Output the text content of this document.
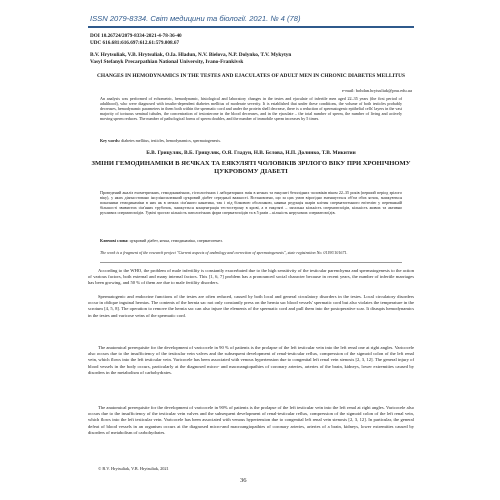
ISSN 2079-8334. Світ медицини та біології. 2021. № 4 (78)
DOI 10.26724/2079-8334-2021-4-78-36-40
UDC 616.681:616.697:612.61:579.008.67
B.V. Hrytsuliak, V.B. Hrytsuliak, O.Ia. Hladun, N.V. Bielova, N.P. Dolynko, T.V. Mykytyn
Vasyl Stefanyk Precarpathian National University, Ivano-Frankivsk
CHANGES IN HEMODYNAMICS IN THE TESTES AND EJACULATES OF ADULT MEN IN CHRONIC DIABETES MELLITUS
e-mail: bohdan.hrytsuliak@pnu.edu.ua

An analysis was performed of echometric, hemodynamic, histological and laboratory changes in the testes and ejaculate of infertile men aged 22–35 years (the first period of adulthood), who were diagnosed with insulin-dependent diabetes mellitus of moderate severity. It is established that under these conditions, the volume of both testicles probably decreases, hemodynamic parameters in them both within the spermatic cord and under the protein shell decrease, there is a reduction of spermatogenic epithelial cells' layers in the vast majority of tortuous seminal tubules, the concentration of testosterone in the blood decreases, and in the ejaculate – the total number of sperm, the number of living and actively moving sperm reduces. The number of pathological forms of sperm doubles, and the number of immobile sperm increases by 5 times.

Key words: diabetes mellitus, testicles, hemodynamics, spermatogenesis.
Б.В. Грицуляк, В.Б. Грицуляк, О.Я. Гладун, Н.В. Бєлова, Н.П. Долинко, Т.В. Микитин
ЗМІНИ ГЕМОДИНАМІКИ В ЯЄЧКАХ ТА ЕЯКУЛЯТІ ЧОЛОВІКІВ ЗРІЛОГО ВІКУ ПРИ ХРОНІЧНОМУ ЦУКРОВОМУ ДІАБЕТІ

Проведений аналіз ехометричних, гемодинамічних, гістологічних і лабораторних змін в яєчках та еякуляті безплідних чоловіків віком 22–35 років (перший період зрілого віку), у яких діагностовано інсулінозалежний цукровий діабет середньої важкості. Встановлено, що за цих умов вірогідно зменшується об'єм обох яєчок, знижуються показники гемодинаміки в них як в межах сім'яного канатика, так і під білковою оболонкою, наявна редукція шарів клітин сперматогенного епітелію у переважній більшості звивистих сім'яних трубочок, знижується концентрація тестостерону в крові, а в еякуляті – загальна кількість сперматозоїдів, кількість живих та активно рухливих сперматозоїдів. Удвічі зростає кількість патологічних форм сперматозоїдів та в 5 разів – кількість нерухомих сперматозоїдів.

Ключові слова: цукровий діабет, яєчка, гемодинаміка, сперматогенез.

The work is a fragment of the research project "Current aspects of andrology and correction of spermatogenesis", state registration No. 0119U101671.

According to the WHO, the problem of male infertility is constantly exacerbated due to the high sensitivity of the testicular parenchyma and spermatogenesis to the action of various factors, both external and many internal factors. This [1, 6, 7] problem has a pronounced social character because in recent years, the number of infertile marriages has been growing, and 50 % of them are due to male fertility disorders.

Spermatogenic and endocrine functions of the testes are often reduced, caused by both local and general circulatory disorders in the testes. Local circulatory disorders occur in oblique inguinal hernias. The contents of the hernia sac not only constantly press on the hernia sac blood vessels' spermatic cord but also violates the temperature in the scrotum [4, 5, 8]. The operation to remove the hernia sac can also injure the elements of the spermatic cord and pull them into the postoperative scar. It disrupts hemodynamics in the testes and varicose veins of the spermatic cord.

The anatomical prerequisite for the development of varicocele in 90 % of patients is the prolapse of the left testicular vein into the left renal one at right angles. Varicocele also occurs due to the insufficiency of the testicular vein valves and the subsequent development of renal-testicular reflux, compression of the sigmoid colon of the left renal vein, which flows into the left testicular vein. Varicocele has been associated with venous hypertension due to congenital left renal vein stenosis [2, 3, 12]. The general injury of blood vessels in the body occurs, particularly at the diagnosed micro- and macroangiopathies of coronary arteries, arteries of the brain, kidneys, lower extremities caused by disorders in the metabolism of carbohydrates.

The anatomical prerequisite for the development of varicocele in 90% of patients is the prolapse of the left testicular vein into the left renal at right angles. Varicocele also occurs due to the insufficiency of the testicular vein valves and the subsequent development of renal-testicular reflux, compression of the sigmoid colon of the left renal vein, which flows into the left testicular vein. Varicocele has been associated with venous hypertension due to congenital left renal vein stenosis [2, 3, 12]. In particular, the general defeat of blood vessels in an organism occurs at the diagnosed micro-and macroangiopathies of coronary arteries, arteries of a brain, kidneys, lower extremities caused by disorders of metabolism of carbohydrates.

© B.V. Hrytsuliak, V.B. Hrytsuliak, 2021
36
